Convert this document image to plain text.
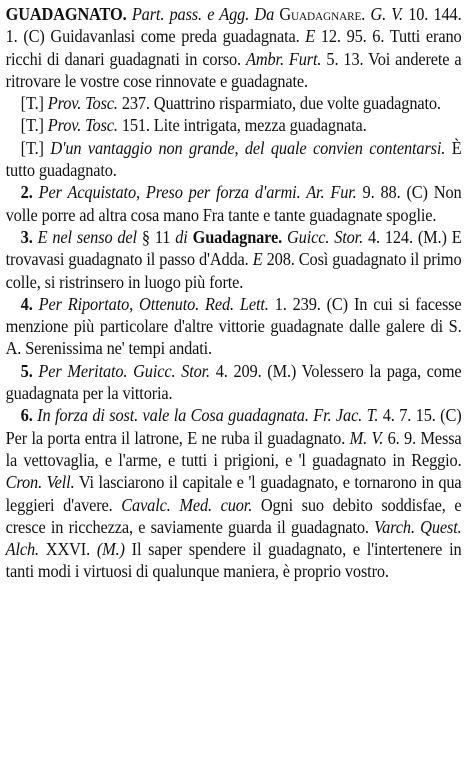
GUADAGNATO. Part. pass. e Agg. Da Guadagnare. G. V. 10. 144. 1. (C) Guidavanlasi come preda guadagnata. E 12. 95. 6. Tutti erano ricchi di danari guadagnati in corso. Ambr. Furt. 5. 13. Voi anderete a ritrovare le vostre cose rinnovate e guadagnate.

[T.] Prov. Tosc. 237. Quattrino risparmiato, due volte guadagnato.

[T.] Prov. Tosc. 151. Lite intrigata, mezza guadagnata.

[T.] D'un vantaggio non grande, del quale convien contentarsi. È tutto guadagnato.

2. Per Acquistato, Preso per forza d'armi. Ar. Fur. 9. 88. (C) Non volle porre ad altra cosa mano Fra tante e tante guadagnate spoglie.

3. E nel senso del § 11 di Guadagnare. Guicc. Stor. 4. 124. (M.) E trovavasi guadagnato il passo d'Adda. E 208. Così guadagnato il primo colle, si ristrinsero in luogo più forte.

4. Per Riportato, Ottenuto. Red. Lett. 1. 239. (C) In cui si facesse menzione più particolare d'altre vittorie guadagnate dalle galere di S. A. Serenissima ne' tempi andati.

5. Per Meritato. Guicc. Stor. 4. 209. (M.) Volessero la paga, come guadagnata per la vittoria.

6. In forza di sost. vale la Cosa guadagnata. Fr. Jac. T. 4. 7. 15. (C) Per la porta entra il latrone, E ne ruba il guadagnato. M. V. 6. 9. Messa la vettovaglia, e l'arme, e tutti i prigioni, e 'l guadagnato in Reggio. Cron. Vell. Vi lasciarono il capitale e 'l guadagnato, e tornarono in qua leggieri d'avere. Cavalc. Med. cuor. Ogni suo debito soddisfae, e cresce in ricchezza, e saviamente guarda il guadagnato. Varch. Quest. Alch. XXVI. (M.) Il saper spendere il guadagnato, e l'intertenere in tanti modi i virtuosi di qualunque maniera, è proprio vostro.
